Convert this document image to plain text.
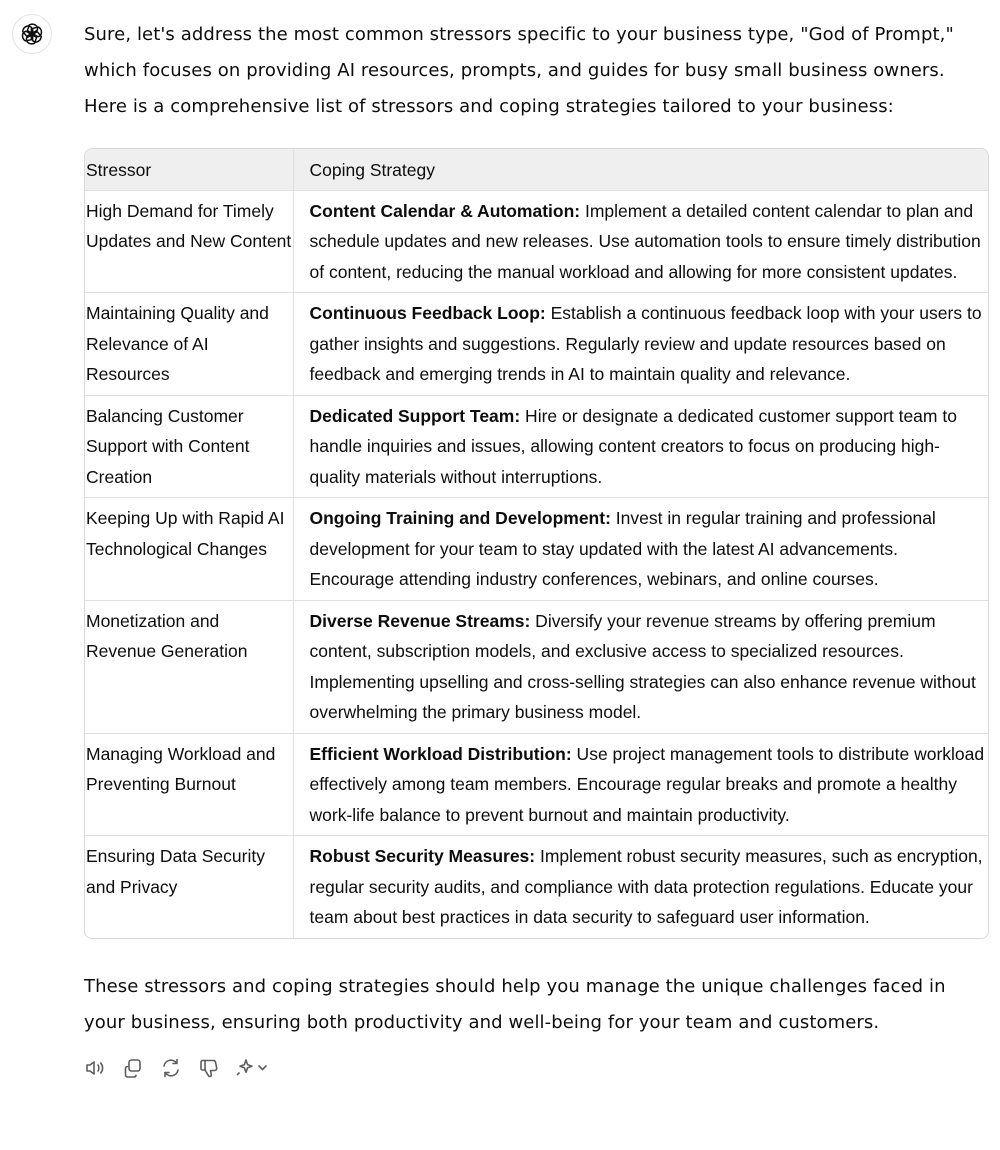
Sure, let's address the most common stressors specific to your business type, "God of Prompt," which focuses on providing AI resources, prompts, and guides for busy small business owners. Here is a comprehensive list of stressors and coping strategies tailored to your business:

Stressor	Coping Strategy
High Demand for Timely Updates and New Content	Content Calendar & Automation: Implement a detailed content calendar to plan and schedule updates and new releases. Use automation tools to ensure timely distribution of content, reducing the manual workload and allowing for more consistent updates.
Maintaining Quality and Relevance of AI Resources	Continuous Feedback Loop: Establish a continuous feedback loop with your users to gather insights and suggestions. Regularly review and update resources based on feedback and emerging trends in AI to maintain quality and relevance.
Balancing Customer Support with Content Creation	Dedicated Support Team: Hire or designate a dedicated customer support team to handle inquiries and issues, allowing content creators to focus on producing high-quality materials without interruptions.
Keeping Up with Rapid AI Technological Changes	Ongoing Training and Development: Invest in regular training and professional development for your team to stay updated with the latest AI advancements. Encourage attending industry conferences, webinars, and online courses.
Monetization and Revenue Generation	Diverse Revenue Streams: Diversify your revenue streams by offering premium content, subscription models, and exclusive access to specialized resources. Implementing upselling and cross-selling strategies can also enhance revenue without overwhelming the primary business model.
Managing Workload and Preventing Burnout	Efficient Workload Distribution: Use project management tools to distribute workload effectively among team members. Encourage regular breaks and promote a healthy work-life balance to prevent burnout and maintain productivity.
Ensuring Data Security and Privacy	Robust Security Measures: Implement robust security measures, such as encryption, regular security audits, and compliance with data protection regulations. Educate your team about best practices in data security to safeguard user information.

These stressors and coping strategies should help you manage the unique challenges faced in your business, ensuring both productivity and well-being for your team and customers.
